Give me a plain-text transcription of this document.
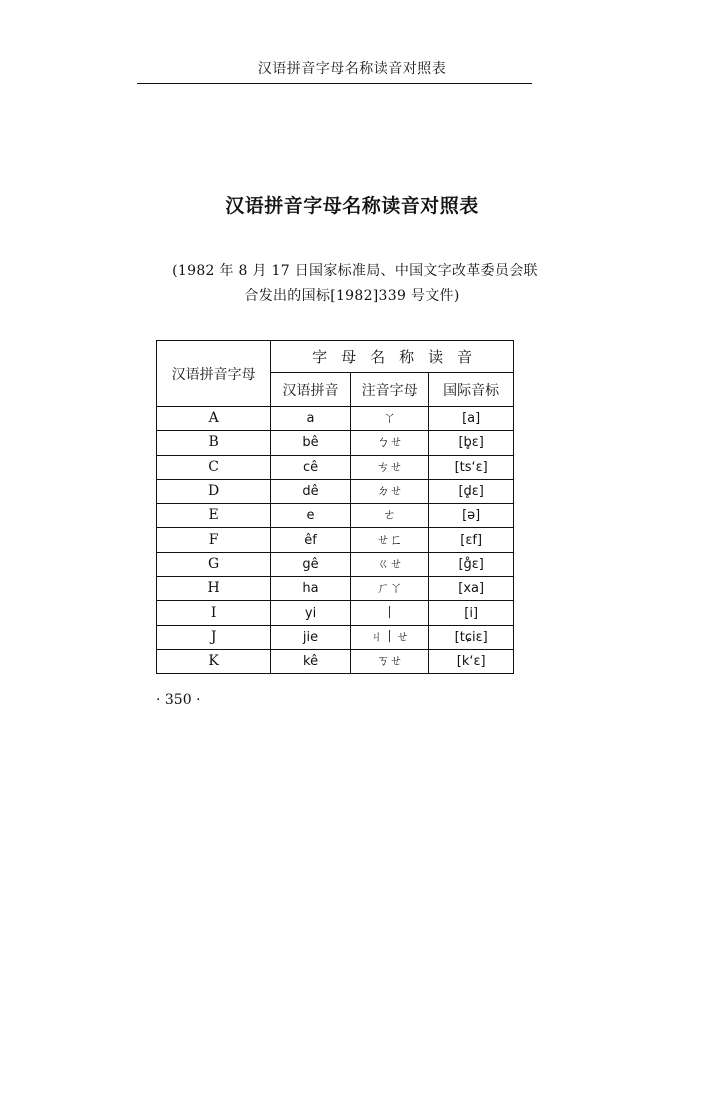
汉语拼音字母名称读音对照表
汉语拼音字母名称读音对照表
(1982 年 8 月 17 日国家标准局、中国文字改革委员会联
合发出的国标[1982]339 号文件)
汉语拼音字母	字母名称读音		
	汉语拼音	注音字母	国际音标
A	a	ㄚ	[a]
B	bê	ㄅㄝ	[b̥ɛ]
C	cê	ㄘㄝ	[tsʻɛ]
D	dê	ㄉㄝ	[d̥ɛ]
E	e	ㄜ	[ə]
F	êf	ㄝㄈ	[ɛf]
G	gê	ㄍㄝ	[g̊ɛ]
H	ha	ㄏㄚ	[xa]
I	yi	丨	[i]
J	jie	ㄐ丨ㄝ	[tɕiɛ]
K	kê	ㄎㄝ	[kʻɛ]
· 350 ·
